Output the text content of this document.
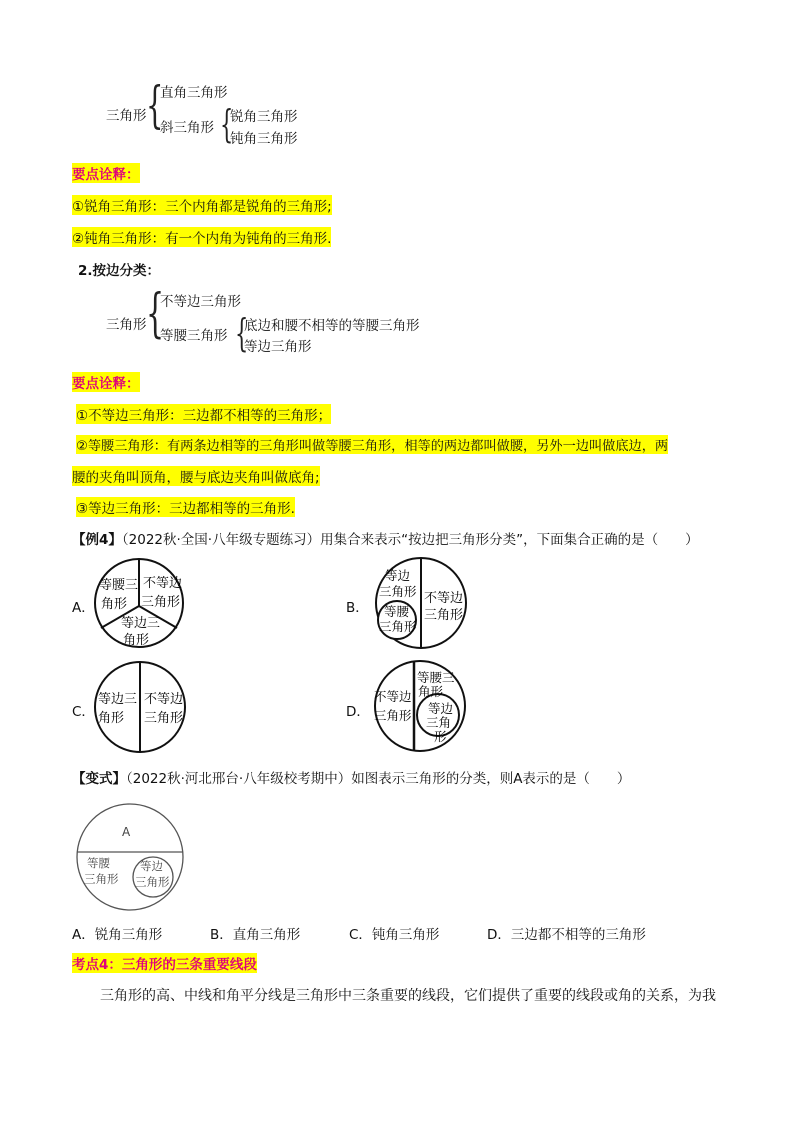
三角形 {
直角三角形
斜三角形 {
锐角三角形
钝角三角形
要点诠释：
①锐角三角形：三个内角都是锐角的三角形;
②钝角三角形：有一个内角为钝角的三角形.
2.按边分类：
三角形 {
不等边三角形
等腰三角形 {
底边和腰不相等的等腰三角形
等边三角形
要点诠释：
①不等边三角形：三边都不相等的三角形；
②等腰三角形：有两条边相等的三角形叫做等腰三角形，相等的两边都叫做腰，另外一边叫做底边，两
腰的夹角叫顶角，腰与底边夹角叫做底角;
③等边三角形：三边都相等的三角形.
【例4】（2022秋·全国·八年级专题练习）用集合来表示“按边把三角形分类”，下面集合正确的是（　　）
A．
等腰三
角形
不等边
三角形
等边三
角形
B．
等边
三角形
等腰
三角形
不等边
三角形
C．
等边三
角形
不等边
三角形	D．
不等边
三角形
等腰三
角形
等边
三角
形
【变式】（2022秋·河北邢台·八年级校考期中）如图表示三角形的分类，则A表示的是（　　）
A
等腰
三角形
等边
三角形
A．锐角三角形	B．直角三角形	C．钝角三角形	D．三边都不相等的三角形
考点4：三角形的三条重要线段
三角形的高、中线和角平分线是三角形中三条重要的线段，它们提供了重要的线段或角的关系，为我
